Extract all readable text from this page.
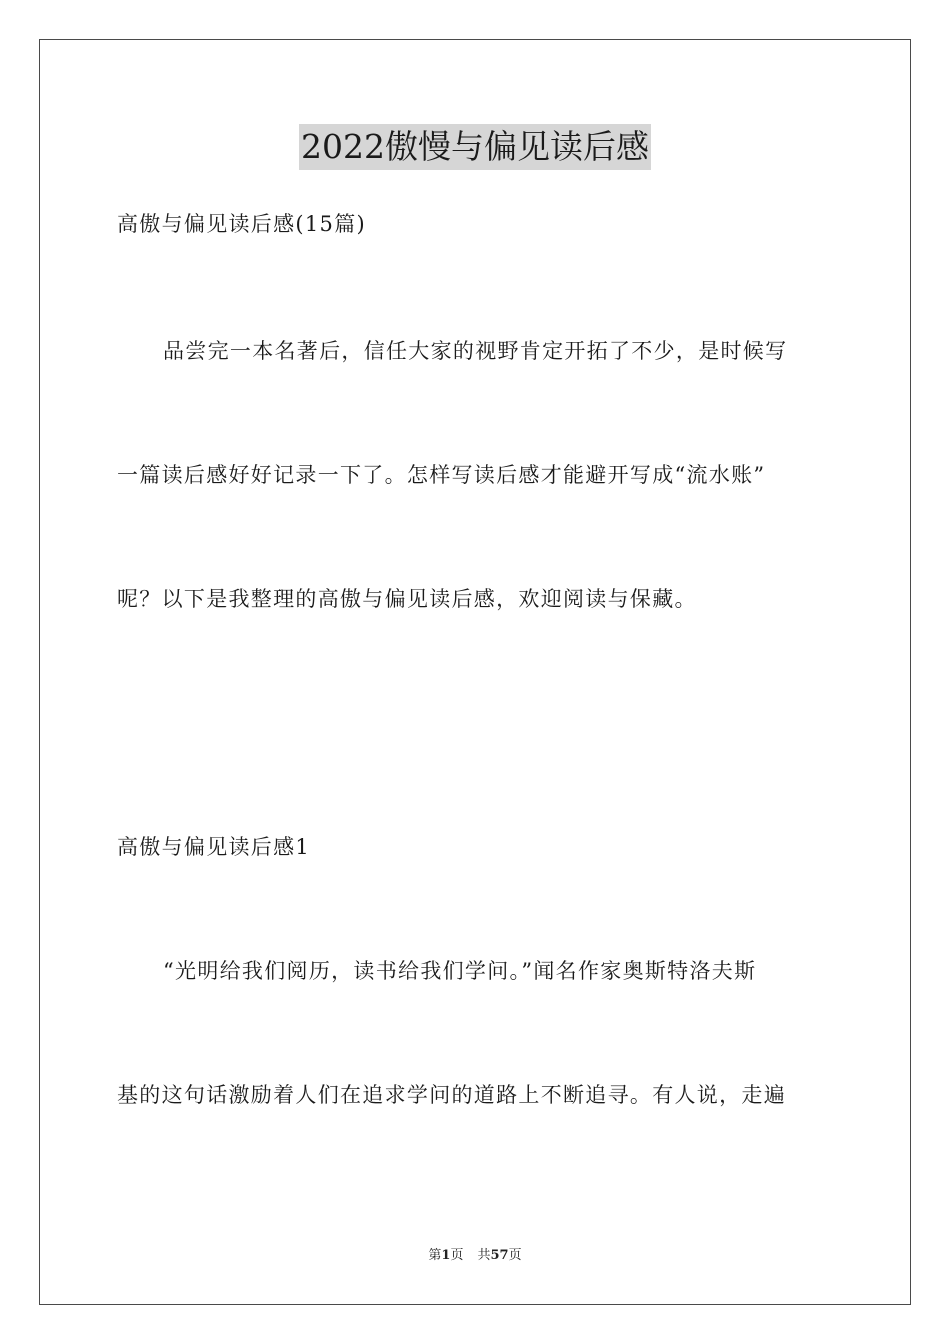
2022傲慢与偏见读后感
高傲与偏见读后感(15篇)
品尝完一本名著后，信任大家的视野肯定开拓了不少，是时候写
一篇读后感好好记录一下了。怎样写读后感才能避开写成“流水账”
呢？以下是我整理的高傲与偏见读后感，欢迎阅读与保藏。
高傲与偏见读后感1
“光明给我们阅历，读书给我们学问。”闻名作家奥斯特洛夫斯
基的这句话激励着人们在追求学问的道路上不断追寻。有人说，走遍
第1页 共57页
